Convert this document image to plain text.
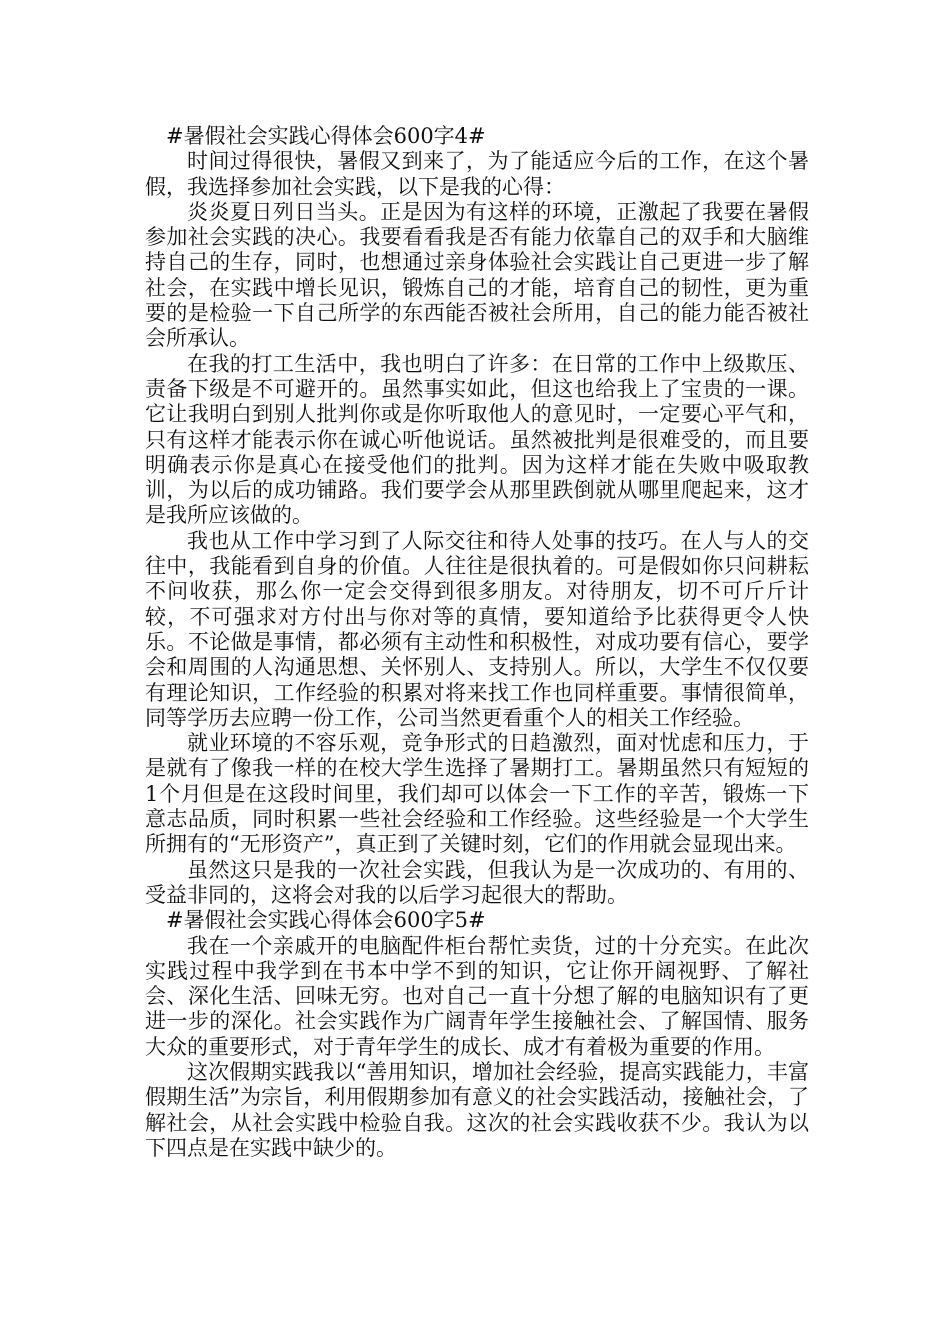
#暑假社会实践心得体会600字4#

时间过得很快，暑假又到来了，为了能适应今后的工作，在这个暑假，我选择参加社会实践，以下是我的心得：

炎炎夏日列日当头。正是因为有这样的环境，正激起了我要在暑假参加社会实践的决心。我要看看我是否有能力依靠自己的双手和大脑维持自己的生存，同时，也想通过亲身体验社会实践让自己更进一步了解社会，在实践中增长见识，锻炼自己的才能，培育自己的韧性，更为重要的是检验一下自己所学的东西能否被社会所用，自己的能力能否被社会所承认。

在我的打工生活中，我也明白了许多：在日常的工作中上级欺压、责备下级是不可避开的。虽然事实如此，但这也给我上了宝贵的一课。它让我明白到别人批判你或是你听取他人的意见时，一定要心平气和，只有这样才能表示你在诚心听他说话。虽然被批判是很难受的，而且要明确表示你是真心在接受他们的批判。因为这样才能在失败中吸取教训，为以后的成功铺路。我们要学会从那里跌倒就从哪里爬起来，这才是我所应该做的。

我也从工作中学习到了人际交往和待人处事的技巧。在人与人的交往中，我能看到自身的价值。人往往是很执着的。可是假如你只问耕耘不问收获，那么你一定会交得到很多朋友。对待朋友，切不可斤斤计较，不可强求对方付出与你对等的真情，要知道给予比获得更令人快乐。不论做是事情，都必须有主动性和积极性，对成功要有信心，要学会和周围的人沟通思想、关怀别人、支持别人。所以，大学生不仅仅要有理论知识，工作经验的积累对将来找工作也同样重要。事情很简单，同等学历去应聘一份工作，公司当然更看重个人的相关工作经验。

就业环境的不容乐观，竞争形式的日趋激烈，面对忧虑和压力，于是就有了像我一样的在校大学生选择了暑期打工。暑期虽然只有短短的1个月但是在这段时间里，我们却可以体会一下工作的辛苦，锻炼一下意志品质，同时积累一些社会经验和工作经验。这些经验是一个大学生所拥有的“无形资产”，真正到了关键时刻，它们的作用就会显现出来。

虽然这只是我的一次社会实践，但我认为是一次成功的、有用的、受益非同的，这将会对我的以后学习起很大的帮助。

#暑假社会实践心得体会600字5#

我在一个亲戚开的电脑配件柜台帮忙卖货，过的十分充实。在此次实践过程中我学到在书本中学不到的知识，它让你开阔视野、了解社会、深化生活、回味无穷。也对自己一直十分想了解的电脑知识有了更进一步的深化。社会实践作为广阔青年学生接触社会、了解国情、服务大众的重要形式，对于青年学生的成长、成才有着极为重要的作用。

这次假期实践我以“善用知识，增加社会经验，提高实践能力，丰富假期生活”为宗旨，利用假期参加有意义的社会实践活动，接触社会，了解社会，从社会实践中检验自我。这次的社会实践收获不少。我认为以下四点是在实践中缺少的。
